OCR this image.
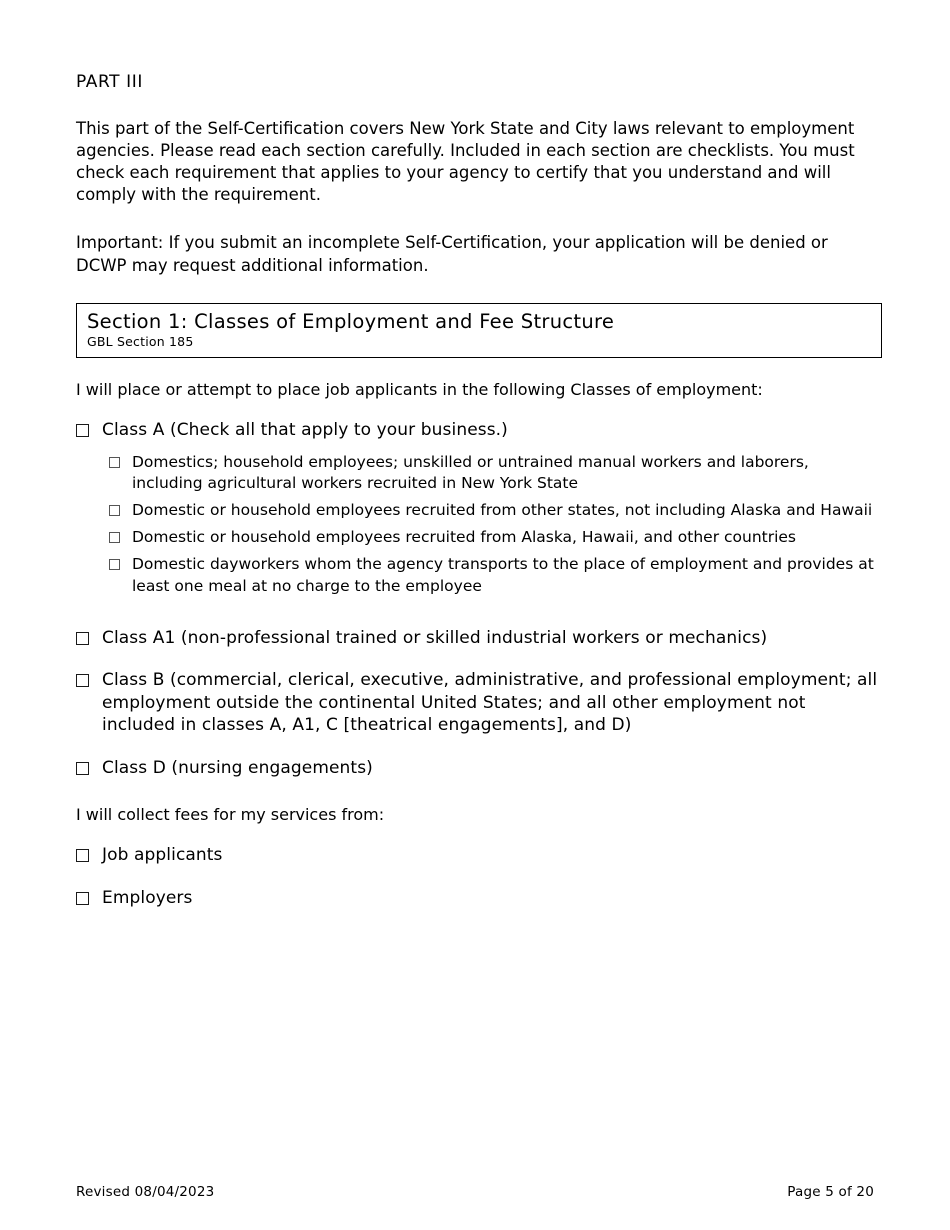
PART III

This part of the Self-Certification covers New York State and City laws relevant to employment agencies. Please read each section carefully. Included in each section are checklists. You must check each requirement that applies to your agency to certify that you understand and will comply with the requirement.

Important: If you submit an incomplete Self-Certification, your application will be denied or DCWP may request additional information.

Section 1: Classes of Employment and Fee Structure
GBL Section 185
I will place or attempt to place job applicants in the following Classes of employment:
Class A (Check all that apply to your business.)
Domestics; household employees; unskilled or untrained manual workers and laborers, including agricultural workers recruited in New York State
Domestic or household employees recruited from other states, not including Alaska and Hawaii
Domestic or household employees recruited from Alaska, Hawaii, and other countries
Domestic dayworkers whom the agency transports to the place of employment and provides at least one meal at no charge to the employee
Class A1 (non-professional trained or skilled industrial workers or mechanics)
Class B (commercial, clerical, executive, administrative, and professional employment; all employment outside the continental United States; and all other employment not included in classes A, A1, C [theatrical engagements], and D)
Class D (nursing engagements)
I will collect fees for my services from:
Job applicants
Employers
Revised 08/04/2023	Page 5 of 20
